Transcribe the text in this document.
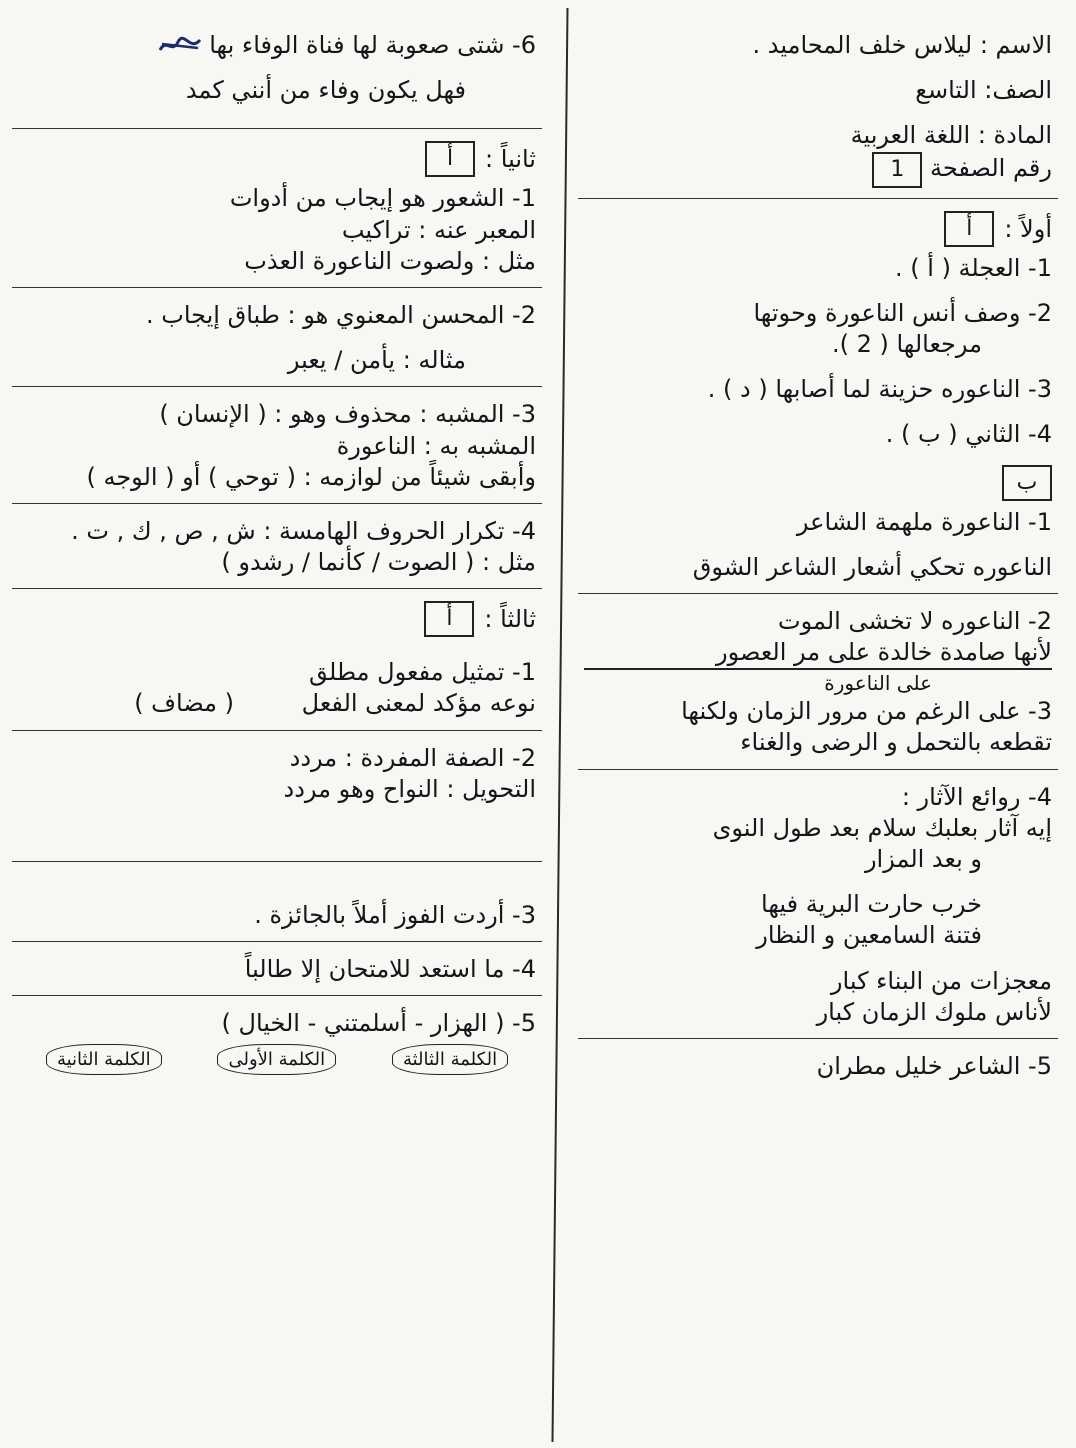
الاسم : ليلاس خلف المحاميد .
الصف: التاسع
المادة : اللغة العربية
رقم الصفحة 1
أولاً :
أ
1- العجلة ( أ ) .
2- وصف أنس الناعورة وحوتها
مرجعالها ( 2 ).
3- الناعوره حزينة لما أصابها ( د ) .
4- الثاني ( ب ) .
ب
1- الناعورة ملهمة الشاعر
الناعوره تحكي أشعار الشاعر الشوق
2- الناعوره لا تخشى الموت
لأنها صامدة خالدة على مر العصور
على الناعورة
3- على الرغم من مرور الزمان ولكنها
تقطعه بالتحمل و الرضى والغناء
4- روائع الآثار :
إيه آثار بعلبك سلام بعد طول النوى
و بعد المزار
خرب حارت البرية فيها
فتنة السامعين و النظار
معجزات من البناء كبار
لأناس ملوك الزمان كبار
5- الشاعر خليل مطران
6- شتى صعوبة لها فناة الوفاء بها
فهل يكون وفاء من أنني كمد
ثانياً :
أ
1- الشعور هو إيجاب من أدوات
المعبر عنه : تراكيب
مثل : ولصوت الناعورة العذب
2- المحسن المعنوي هو : طباق إيجاب .
مثاله : يأمن / يعبر
3- المشبه : محذوف وهو : ( الإنسان )
المشبه به : الناعورة
وأبقى شيئاً من لوازمه : ( توحي ) أو ( الوجه )
4- تكرار الحروف الهامسة : ش , ص , ك , ت .
مثل : ( الصوت / كأنما / رشدو )
ثالثاً :
أ
1- تمثيل مفعول مطلق
نوعه مؤكد لمعنى الفعل ( مضاف )
2- الصفة المفردة : مردد
التحويل : النواح وهو مردد
3- أردت الفوز أملاً بالجائزة .
4- ما استعد للامتحان إلا طالباً
5- ( الهزار - أسلمتني - الخيال )
الكلمة الثالثة
الكلمة الأولى
الكلمة الثانية
